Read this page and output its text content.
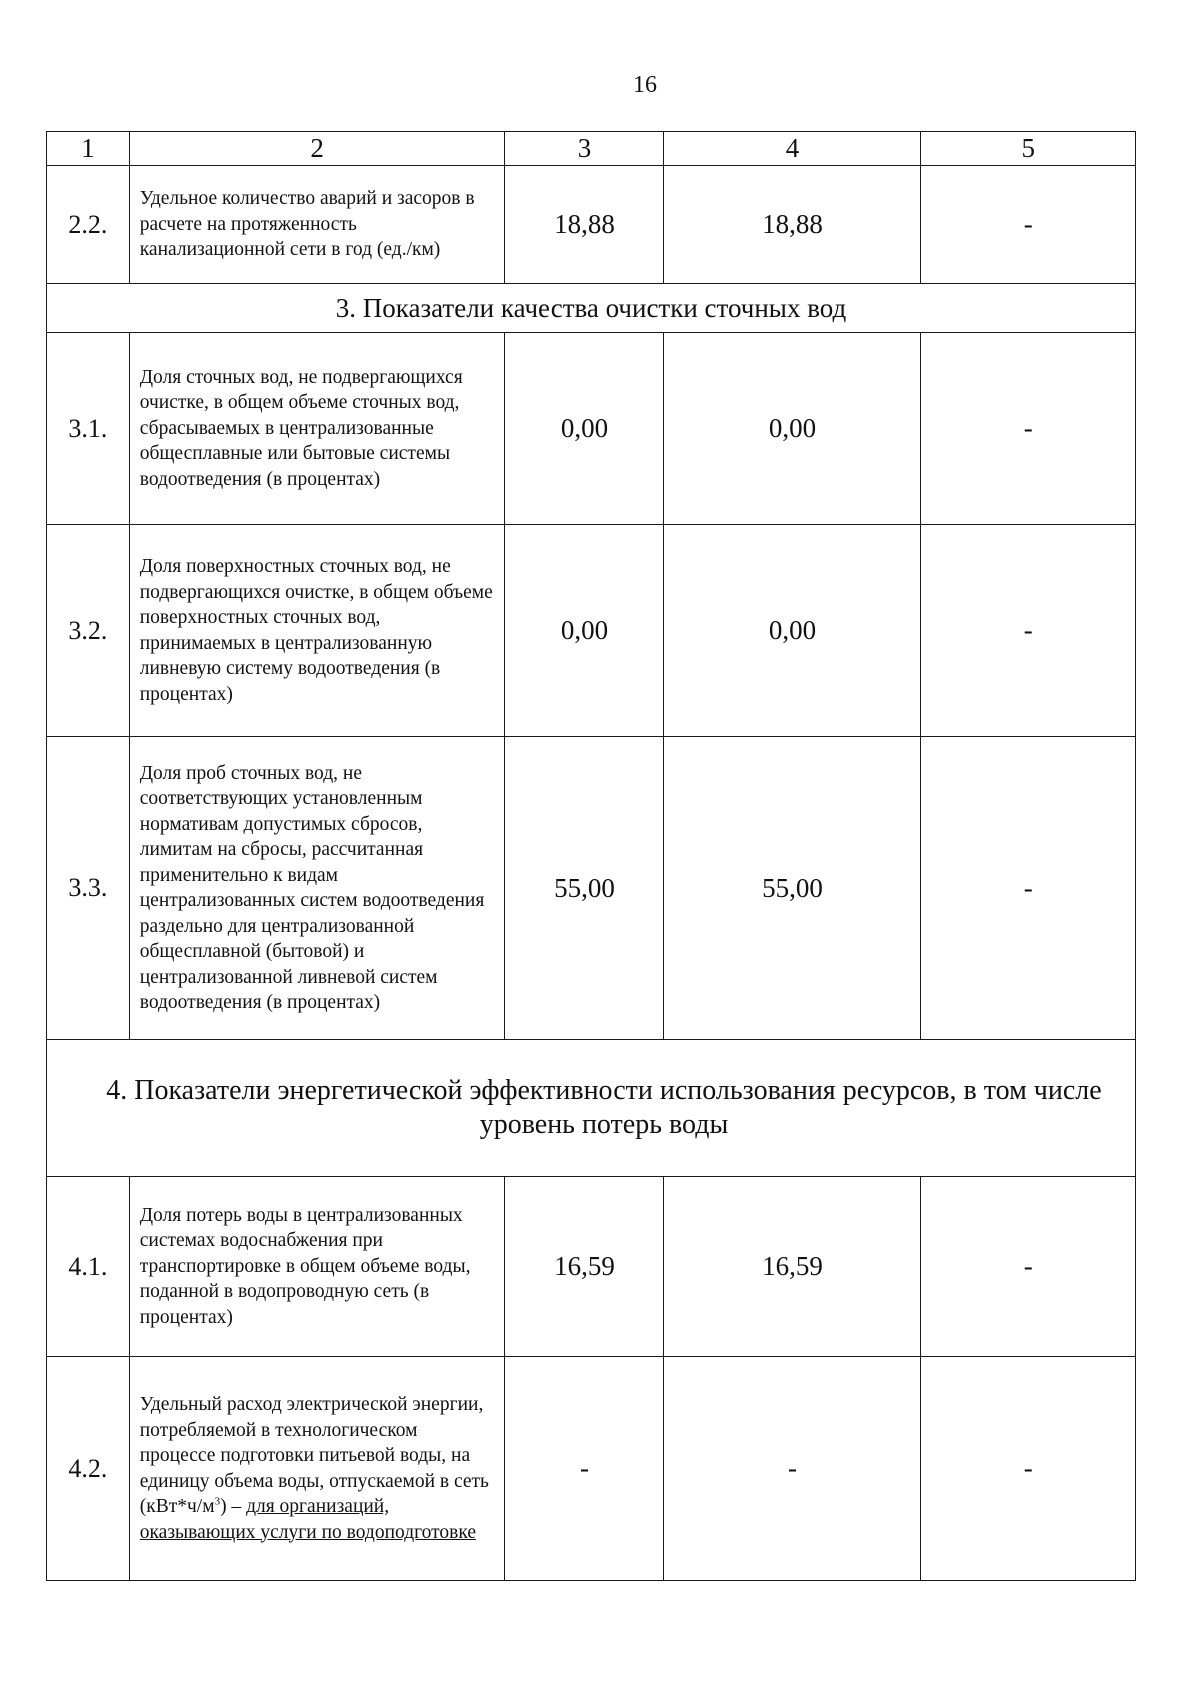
16
1	2	3	4	5
2.2.	Удельное количество аварий и засоров в расчете на протяженность канализационной сети в год (ед./км)	18,88	18,88	-
3. Показатели качества очистки сточных вод				
3.1.	Доля сточных вод, не подвергающихся очистке, в общем объеме сточных вод, сбрасываемых в централизованные общесплавные или бытовые системы водоотведения (в процентах)	0,00	0,00	-
3.2.	Доля поверхностных сточных вод, не подвергающихся очистке, в общем объеме поверхностных сточных вод, принимаемых в централизованную ливневую систему водоотведения (в процентах)	0,00	0,00	-
3.3.	Доля проб сточных вод, не соответствующих установленным нормативам допустимых сбросов, лимитам на сбросы, рассчитанная применительно к видам централизованных систем водоотведения раздельно для централизованной общесплавной (бытовой) и централизованной ливневой систем водоотведения (в процентах)	55,00	55,00	-
4. Показатели энергетической эффективности использования ресурсов, в том числе уровень потерь воды				
4.1.	Доля потерь воды в централизованных системах водоснабжения при транспортировке в общем объеме воды, поданной в водопроводную сеть (в процентах)	16,59	16,59	-
4.2.	Удельный расход электрической энергии, потребляемой в технологическом процессе подготовки питьевой воды, на единицу объема воды, отпускаемой в сеть $(кВт*ч/м^3)$ – для организаций, оказывающих услуги по водоподготовке	-	-	-
